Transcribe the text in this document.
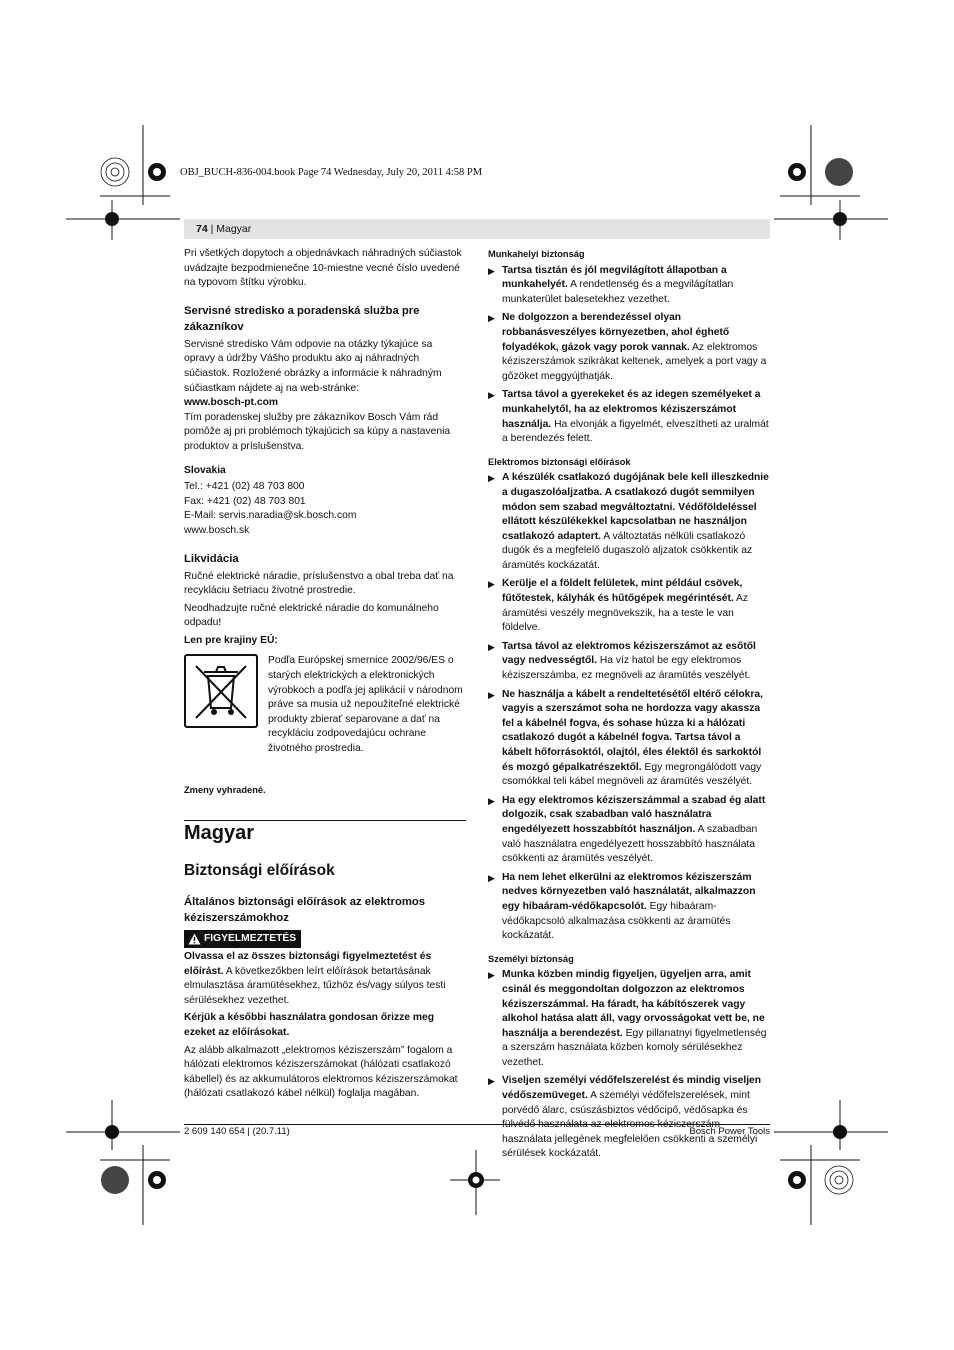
OBJ_BUCH-836-004.book Page 74 Wednesday, July 20, 2011 4:58 PM
74 | Magyar

Pri všetkých dopytoch a objednávkach náhradných súčiastok uvádzajte bezpodmienečne 10-miestne vecné číslo uvedené na typovom štítku výrobku.

Servisné stredisko a poradenská služba pre zákazníkov

Servisné stredisko Vám odpovie na otázky týkajúce sa opravy a údržby Vášho produktu ako aj náhradných súčiastok. Rozložené obrázky a informácie k náhradným súčiastkam nájdete aj na web-stránke:

www.bosch-pt.com

Tím poradenskej služby pre zákazníkov Bosch Vám rád pomôže aj pri problémoch týkajúcich sa kúpy a nastavenia produktov a príslušenstva.

Slovakia
Tel.: +421 (02) 48 703 800
Fax: +421 (02) 48 703 801
E-Mail: servis.naradia@sk.bosch.com
www.bosch.sk
Likvidácia

Ručné elektrické náradie, príslušenstvo a obal treba dať na recykláciu šetriacu životné prostredie.

Neodhadzujte ručné elektrické náradie do komunálneho odpadu!

Len pre krajiny EÚ:
Podľa Európskej smernice 2002/96/ES o starých elektrických a elektronických výrobkoch a podľa jej aplikácií v národnom práve sa musia už nepoužiteľné elektrické produkty zbierať separovane a dať na recykláciu zodpovedajúcu ochrane životného prostredia.
Zmeny vyhradené.
Magyar
Biztonsági előírások
Általános biztonsági előírások az elektromos kéziszerszámokhoz
FIGYELMEZTETÉS

Olvassa el az összes biztonsági figyelmeztetést és előírást. A következőkben leírt előírások betartásának elmulasztása áramütésekhez, tűzhöz és/vagy súlyos testi sérülésekhez vezethet.

Kérjük a későbbi használatra gondosan őrizze meg ezeket az előírásokat.

Az alább alkalmazott „elektromos kéziszerszám” fogalom a hálózati elektromos kéziszerszámokat (hálózati csatlakozó kábellel) és az akkumulátoros elektromos kéziszerszámokat (hálózati csatlakozó kábel nélkül) foglalja magában.

Munkahelyi biztonság
▶ Tartsa tisztán és jól megvilágított állapotban a munkahelyét. A rendetlenség és a megvilágítatlan munkaterület balesetekhez vezethet.
▶ Ne dolgozzon a berendezéssel olyan robbanásveszélyes környezetben, ahol éghető folyadékok, gázok vagy porok vannak. Az elektromos kéziszerszámok szikrákat keltenek, amelyek a port vagy a gőzöket meggyújthatják.
▶ Tartsa távol a gyerekeket és az idegen személyeket a munkahelytől, ha az elektromos kéziszerszámot használja. Ha elvonják a figyelmét, elveszítheti az uralmát a berendezés felett.
Elektromos biztonsági előírások
▶ A készülék csatlakozó dugójának bele kell illeszkednie a dugaszolóaljzatba. A csatlakozó dugót semmilyen módon sem szabad megváltoztatni. Védőföldeléssel ellátott készülékekkel kapcsolatban ne használjon csatlakozó adaptert. A változtatás nélküli csatlakozó dugók és a megfelelő dugaszoló aljzatok csökkentik az áramütés kockázatát.
▶ Kerülje el a földelt felületek, mint például csövek, fűtőtestek, kályhák és hűtőgépek megérintését. Az áramütési veszély megnövekszik, ha a teste le van földelve.
▶ Tartsa távol az elektromos kéziszerszámot az esőtől vagy nedvességtől. Ha víz hatol be egy elektromos kéziszerszámba, ez megnöveli az áramütés veszélyét.
▶ Ne használja a kábelt a rendeltetésétől eltérő célokra, vagyis a szerszámot soha ne hordozza vagy akassza fel a kábelnél fogva, és sohase húzza ki a hálózati csatlakozó dugót a kábelnél fogva. Tartsa távol a kábelt hőforrásoktól, olajtól, éles élektől és sarkoktól és mozgó gépalkatrészektől. Egy megrongálódott vagy csomókkal teli kábel megnöveli az áramütés veszélyét.
▶ Ha egy elektromos kéziszerszámmal a szabad ég alatt dolgozik, csak szabadban való használatra engedélyezett hosszabbítót használjon. A szabadban való használatra engedélyezett hosszabbító használata csökkenti az áramütés veszélyét.
▶ Ha nem lehet elkerülni az elektromos kéziszerszám nedves környezetben való használatát, alkalmazzon egy hibaáram-védőkapcsolót. Egy hibaáram-védőkapcsoló alkalmazása csökkenti az áramütés kockázatát.
Személyi biztonság
▶ Munka közben mindig figyeljen, ügyeljen arra, amit csinál és meggondoltan dolgozzon az elektromos kéziszerszámmal. Ha fáradt, ha kábítószerek vagy alkohol hatása alatt áll, vagy orvosságokat vett be, ne használja a berendezést. Egy pillanatnyi figyelmetlenség a szerszám használata közben komoly sérülésekhez vezethet.
▶ Viseljen személyi védőfelszerelést és mindig viseljen védőszemüveget. A személyi védőfelszerelések, mint porvédő álarc, csúszásbiztos védőcipő, védősapka és használata jellegének megfelelően csökkenti a személyi sérülések kockázatát.
2 609 140 654 | (20.7.11)	Bosch Power Tools
